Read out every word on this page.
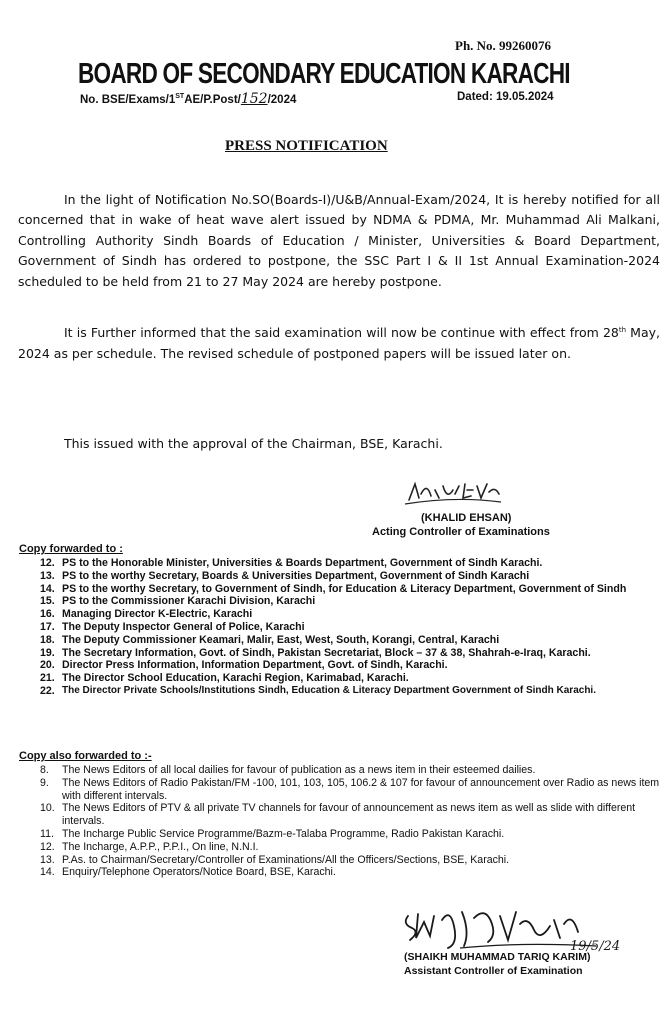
Ph. No. 99260076
BOARD OF SECONDARY EDUCATION KARACHI
No. BSE/Exams/1STAE/P.Post/152/2024	Dated: 19.05.2024
PRESS NOTIFICATION
In the light of Notification No.SO(Boards-I)/U&B/Annual-Exam/2024, It is hereby notified for all concerned that in wake of heat wave alert issued by NDMA & PDMA, Mr. Muhammad Ali Malkani, Controlling Authority Sindh Boards of Education / Minister, Universities & Board Department, Government of Sindh has ordered to postpone, the SSC Part I & II 1st Annual Examination-2024 scheduled to be held from 21 to 27 May 2024 are hereby postpone.
It is Further informed that the said examination will now be continue with effect from 28th May, 2024 as per schedule. The revised schedule of postponed papers will be issued later on.
This issued with the approval of the Chairman, BSE, Karachi.
(KHALID EHSAN)
Acting Controller of Examinations
Copy forwarded to :
12. PS to the Honorable Minister, Universities & Boards Department, Government of Sindh Karachi.
13. PS to the worthy Secretary, Boards & Universities Department, Government of Sindh Karachi
14. PS to the worthy Secretary, to Government of Sindh, for Education & Literacy Department, Government of Sindh
15. PS to the Commissioner Karachi Division, Karachi
16. Managing Director K-Electric, Karachi
17. The Deputy Inspector General of Police, Karachi
18. The Deputy Commissioner Keamari, Malir, East, West, South, Korangi, Central, Karachi
19. The Secretary Information, Govt. of Sindh, Pakistan Secretariat, Block – 37 & 38, Shahrah-e-Iraq, Karachi.
20. Director Press Information, Information Department, Govt. of Sindh, Karachi.
21. The Director School Education, Karachi Region, Karimabad, Karachi.
22. The Director Private Schools/Institutions Sindh, Education & Literacy Department Government of Sindh Karachi.
Copy also forwarded to :-
8.	The News Editors of all local dailies for favour of publication as a news item in their esteemed dailies.
9.	The News Editors of Radio Pakistan/FM -100, 101, 103, 105, 106.2 & 107 for favour of announcement over Radio as news item with different intervals.
10. The News Editors of PTV & all private TV channels for favour of announcement as news item as well as slide with different intervals.
11. The Incharge Public Service Programme/Bazm-e-Talaba Programme, Radio Pakistan Karachi.
12. The Incharge, A.P.P., P.P.I., On line, N.N.I.
13. P.As. to Chairman/Secretary/Controller of Examinations/All the Officers/Sections, BSE, Karachi.
14. Enquiry/Telephone Operators/Notice Board, BSE, Karachi.
19/5/24
(SHAIKH MUHAMMAD TARIQ KARIM)
Assistant Controller of Examination
